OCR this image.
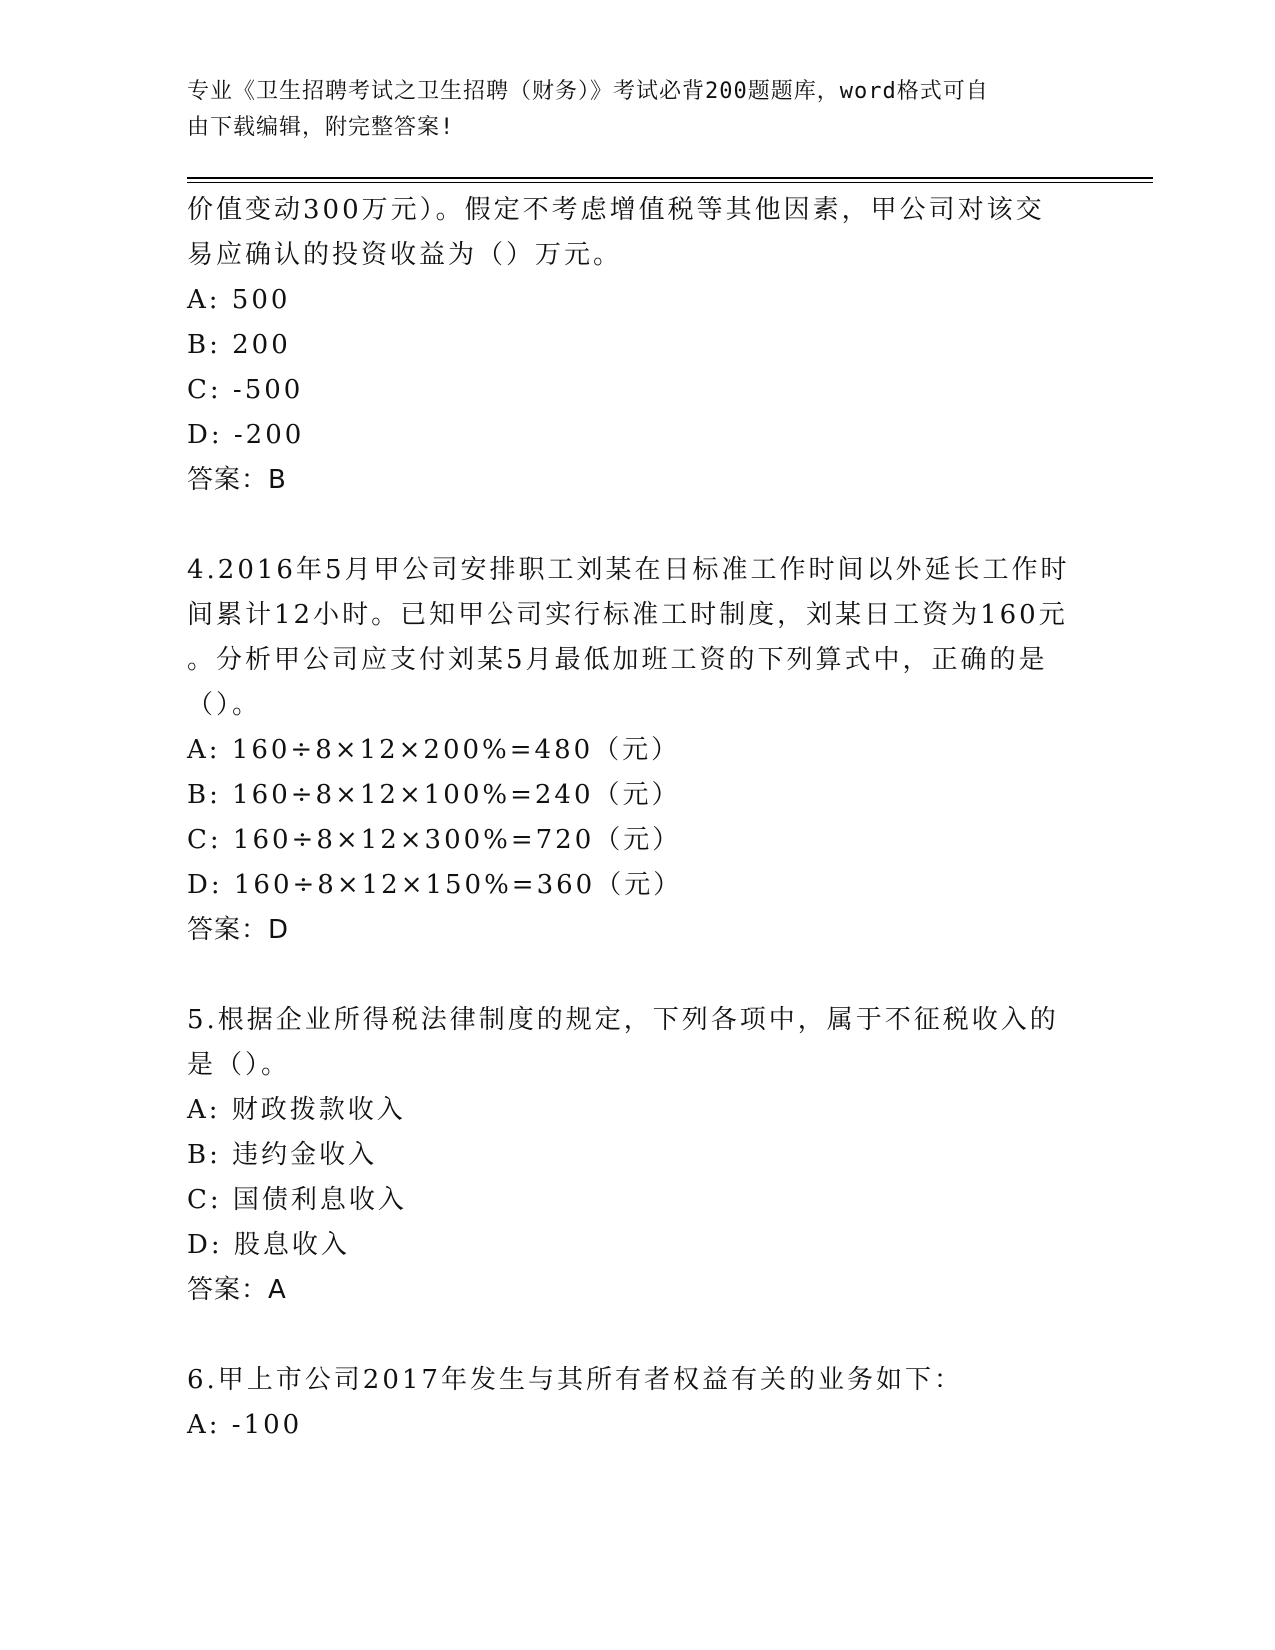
专业《卫生招聘考试之卫生招聘（财务）》考试必背200题题库，word格式可自
由下载编辑，附完整答案!
价值变动300万元）。假定不考虑增值税等其他因素，甲公司对该交
易应确认的投资收益为（）万元。
A: 500
B: 200
C: -500
D: -200
答案：B
4.2016年5月甲公司安排职工刘某在日标准工作时间以外延长工作时
间累计12小时。已知甲公司实行标准工时制度，刘某日工资为160元
。分析甲公司应支付刘某5月最低加班工资的下列算式中，正确的是
（）。
A: 160÷8×12×200%=480（元）
B: 160÷8×12×100%=240（元）
C: 160÷8×12×300%=720（元）
D: 160÷8×12×150%=360（元）
答案：D
5.根据企业所得税法律制度的规定，下列各项中，属于不征税收入的
是（）。
A: 财政拨款收入
B: 违约金收入
C: 国债利息收入
D: 股息收入
答案：A
6.甲上市公司2017年发生与其所有者权益有关的业务如下：
A: -100
